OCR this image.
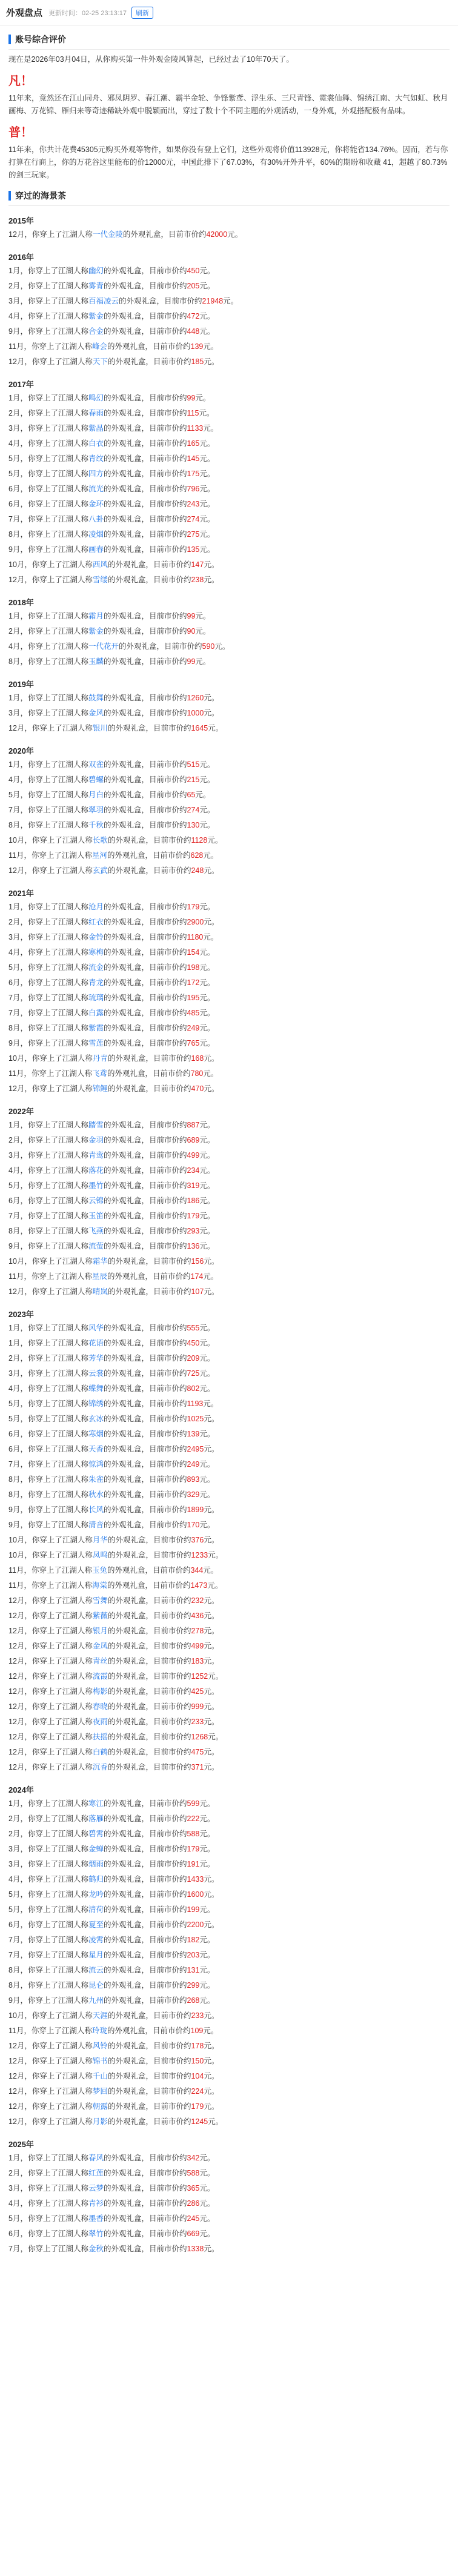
外观盘点 更新时间：02-25 23:13:17	刷新
账号综合评价

现在是2026年03月04日，从你购买第一件外观金陵风算起，已经过去了10年70天了。

凡！

11年来，竟然还在江山同舟、邪凤阴罗、春江潮、霸半金轮、争锋紫鸢、浮生乐、三尺青锋、霓裳仙舞、锦绣江南、大气如虹、秋月画梅、万花锦、雁归来等奇迹稀缺外观中脱颖而出，穿过了数十个不同主题的外观活动，一身外观，外观搭配极有品味。

普！

11年来，你共计花费45305元购买外观等物件，如果你没有登上它们，这些外观将价值113928元，你将能省134.76%。因而，若与你打算在行商上，你的万花谷这里能布的价12000元，中国此排下了67.03%，有30%开外升平，60%的期盼和收藏 41，超越了80.73%的剑三玩家。

穿过的海景茶
2015年
12月，你穿上了江湖人称一代金陵的外观礼盒，目前市价约42000元。
2016年
1月，你穿上了江湖人称幽幻的外观礼盒，目前市价约450元。
2月，你穿上了江湖人称雾青的外观礼盒，目前市价约205元。
3月，你穿上了江湖人称百福凌云的外观礼盒，目前市价约21948元。
4月，你穿上了江湖人称紫金的外观礼盒，目前市价约472元。
9月，你穿上了江湖人称合金的外观礼盒，目前市价约448元。
11月，你穿上了江湖人称峰会的外观礼盒，目前市价约139元。
12月，你穿上了江湖人称天下的外观礼盒，目前市价约185元。
2017年
1月，你穿上了江湖人称鸣幻的外观礼盒，目前市价约99元。
2月，你穿上了江湖人称春雨的外观礼盒，目前市价约115元。
3月，你穿上了江湖人称紫晶的外观礼盒，目前市价约1133元。
4月，你穿上了江湖人称白衣的外观礼盒，目前市价约165元。
5月，你穿上了江湖人称青纹的外观礼盒，目前市价约145元。
5月，你穿上了江湖人称四方的外观礼盒，目前市价约175元。
6月，你穿上了江湖人称流光的外观礼盒，目前市价约796元。
6月，你穿上了江湖人称金环的外观礼盒，目前市价约243元。
7月，你穿上了江湖人称八卦的外观礼盒，目前市价约274元。
8月，你穿上了江湖人称凌烟的外观礼盒，目前市价约275元。
9月，你穿上了江湖人称画春的外观礼盒，目前市价约135元。
10月，你穿上了江湖人称西风的外观礼盒，目前市价约147元。
12月，你穿上了江湖人称雪缕的外观礼盒，目前市价约238元。
2018年
1月，你穿上了江湖人称霜月的外观礼盒，目前市价约99元。
2月，你穿上了江湖人称紫金的外观礼盒，目前市价约90元。
4月，你穿上了江湖人称一代花开的外观礼盒，目前市价约590元。
8月，你穿上了江湖人称玉麟的外观礼盒，目前市价约99元。
2019年
1月，你穿上了江湖人称鼓舞的外观礼盒，目前市价约1260元。
3月，你穿上了江湖人称金风的外观礼盒，目前市价约1000元。
12月，你穿上了江湖人称银川的外观礼盒，目前市价约1645元。
2020年
1月，你穿上了江湖人称双雀的外观礼盒，目前市价约515元。
4月，你穿上了江湖人称碧螺的外观礼盒，目前市价约215元。
5月，你穿上了江湖人称月白的外观礼盒，目前市价约65元。
7月，你穿上了江湖人称翠羽的外观礼盒，目前市价约274元。
8月，你穿上了江湖人称千秋的外观礼盒，目前市价约130元。
10月，你穿上了江湖人称长歌的外观礼盒，目前市价约1128元。
11月，你穿上了江湖人称星河的外观礼盒，目前市价约628元。
12月，你穿上了江湖人称玄武的外观礼盒，目前市价约248元。
2021年
1月，你穿上了江湖人称沧月的外观礼盒，目前市价约179元。
2月，你穿上了江湖人称红衣的外观礼盒，目前市价约2900元。
3月，你穿上了江湖人称金铃的外观礼盒，目前市价约1180元。
4月，你穿上了江湖人称寒梅的外观礼盒，目前市价约154元。
5月，你穿上了江湖人称流金的外观礼盒，目前市价约198元。
6月，你穿上了江湖人称青龙的外观礼盒，目前市价约172元。
7月，你穿上了江湖人称琉璃的外观礼盒，目前市价约195元。
7月，你穿上了江湖人称白露的外观礼盒，目前市价约485元。
8月，你穿上了江湖人称紫霞的外观礼盒，目前市价约249元。
9月，你穿上了江湖人称雪莲的外观礼盒，目前市价约765元。
10月，你穿上了江湖人称丹青的外观礼盒，目前市价约168元。
11月，你穿上了江湖人称飞鸢的外观礼盒，目前市价约780元。
12月，你穿上了江湖人称锦鲤的外观礼盒，目前市价约470元。
2022年
1月，你穿上了江湖人称踏雪的外观礼盒，目前市价约887元。
2月，你穿上了江湖人称金羽的外观礼盒，目前市价约689元。
3月，你穿上了江湖人称青鸾的外观礼盒，目前市价约499元。
4月，你穿上了江湖人称落花的外观礼盒，目前市价约234元。
5月，你穿上了江湖人称墨竹的外观礼盒，目前市价约319元。
6月，你穿上了江湖人称云锦的外观礼盒，目前市价约186元。
7月，你穿上了江湖人称玉笛的外观礼盒，目前市价约179元。
8月，你穿上了江湖人称飞燕的外观礼盒，目前市价约293元。
9月，你穿上了江湖人称流萤的外观礼盒，目前市价约136元。
10月，你穿上了江湖人称霜华的外观礼盒，目前市价约156元。
11月，你穿上了江湖人称星辰的外观礼盒，目前市价约174元。
12月，你穿上了江湖人称晴岚的外观礼盒，目前市价约107元。
2023年
1月，你穿上了江湖人称风华的外观礼盒，目前市价约555元。
1月，你穿上了江湖人称花语的外观礼盒，目前市价约450元。
2月，你穿上了江湖人称芳华的外观礼盒，目前市价约209元。
3月，你穿上了江湖人称云裳的外观礼盒，目前市价约725元。
4月，你穿上了江湖人称蝶舞的外观礼盒，目前市价约802元。
5月，你穿上了江湖人称锦绣的外观礼盒，目前市价约1193元。
5月，你穿上了江湖人称玄冰的外观礼盒，目前市价约1025元。
6月，你穿上了江湖人称寒烟的外观礼盒，目前市价约139元。
6月，你穿上了江湖人称天香的外观礼盒，目前市价约2495元。
7月，你穿上了江湖人称惊鸿的外观礼盒，目前市价约249元。
8月，你穿上了江湖人称朱雀的外观礼盒，目前市价约893元。
8月，你穿上了江湖人称秋水的外观礼盒，目前市价约329元。
9月，你穿上了江湖人称长风的外观礼盒，目前市价约1899元。
9月，你穿上了江湖人称清音的外观礼盒，目前市价约170元。
10月，你穿上了江湖人称月华的外观礼盒，目前市价约376元。
10月，你穿上了江湖人称凤鸣的外观礼盒，目前市价约1233元。
11月，你穿上了江湖人称玉兔的外观礼盒，目前市价约344元。
11月，你穿上了江湖人称海棠的外观礼盒，目前市价约1473元。
12月，你穿上了江湖人称雪舞的外观礼盒，目前市价约232元。
12月，你穿上了江湖人称紫薇的外观礼盒，目前市价约436元。
12月，你穿上了江湖人称银月的外观礼盒，目前市价约278元。
12月，你穿上了江湖人称金凤的外观礼盒，目前市价约499元。
12月，你穿上了江湖人称青丝的外观礼盒，目前市价约183元。
12月，你穿上了江湖人称流霞的外观礼盒，目前市价约1252元。
12月，你穿上了江湖人称梅影的外观礼盒，目前市价约425元。
12月，你穿上了江湖人称春晓的外观礼盒，目前市价约999元。
12月，你穿上了江湖人称夜雨的外观礼盒，目前市价约233元。
12月，你穿上了江湖人称扶摇的外观礼盒，目前市价约1268元。
12月，你穿上了江湖人称白鹤的外观礼盒，目前市价约475元。
12月，你穿上了江湖人称沉香的外观礼盒，目前市价约371元。
2024年
1月，你穿上了江湖人称寒江的外观礼盒，目前市价约599元。
2月，你穿上了江湖人称落雁的外观礼盒，目前市价约222元。
2月，你穿上了江湖人称碧霄的外观礼盒，目前市价约588元。
3月，你穿上了江湖人称金蝉的外观礼盒，目前市价约179元。
3月，你穿上了江湖人称烟雨的外观礼盒，目前市价约191元。
4月，你穿上了江湖人称鹤归的外观礼盒，目前市价约1433元。
5月，你穿上了江湖人称龙吟的外观礼盒，目前市价约1600元。
5月，你穿上了江湖人称清荷的外观礼盒，目前市价约199元。
6月，你穿上了江湖人称夏至的外观礼盒，目前市价约2200元。
7月，你穿上了江湖人称凌霄的外观礼盒，目前市价约182元。
7月，你穿上了江湖人称星月的外观礼盒，目前市价约203元。
8月，你穿上了江湖人称流云的外观礼盒，目前市价约131元。
8月，你穿上了江湖人称昆仑的外观礼盒，目前市价约299元。
9月，你穿上了江湖人称九州的外观礼盒，目前市价约268元。
10月，你穿上了江湖人称天涯的外观礼盒，目前市价约233元。
11月，你穿上了江湖人称玲珑的外观礼盒，目前市价约109元。
12月，你穿上了江湖人称风铃的外观礼盒，目前市价约178元。
12月，你穿上了江湖人称锦书的外观礼盒，目前市价约150元。
12月，你穿上了江湖人称千山的外观礼盒，目前市价约104元。
12月，你穿上了江湖人称梦回的外观礼盒，目前市价约224元。
12月，你穿上了江湖人称朝露的外观礼盒，目前市价约179元。
12月，你穿上了江湖人称月影的外观礼盒，目前市价约1245元。
2025年
1月，你穿上了江湖人称春风的外观礼盒，目前市价约342元。
2月，你穿上了江湖人称红莲的外观礼盒，目前市价约588元。
3月，你穿上了江湖人称云梦的外观礼盒，目前市价约365元。
4月，你穿上了江湖人称青衫的外观礼盒，目前市价约286元。
5月，你穿上了江湖人称墨香的外观礼盒，目前市价约245元。
6月，你穿上了江湖人称翠竹的外观礼盒，目前市价约669元。
7月，你穿上了江湖人称金秋的外观礼盒，目前市价约1338元。
